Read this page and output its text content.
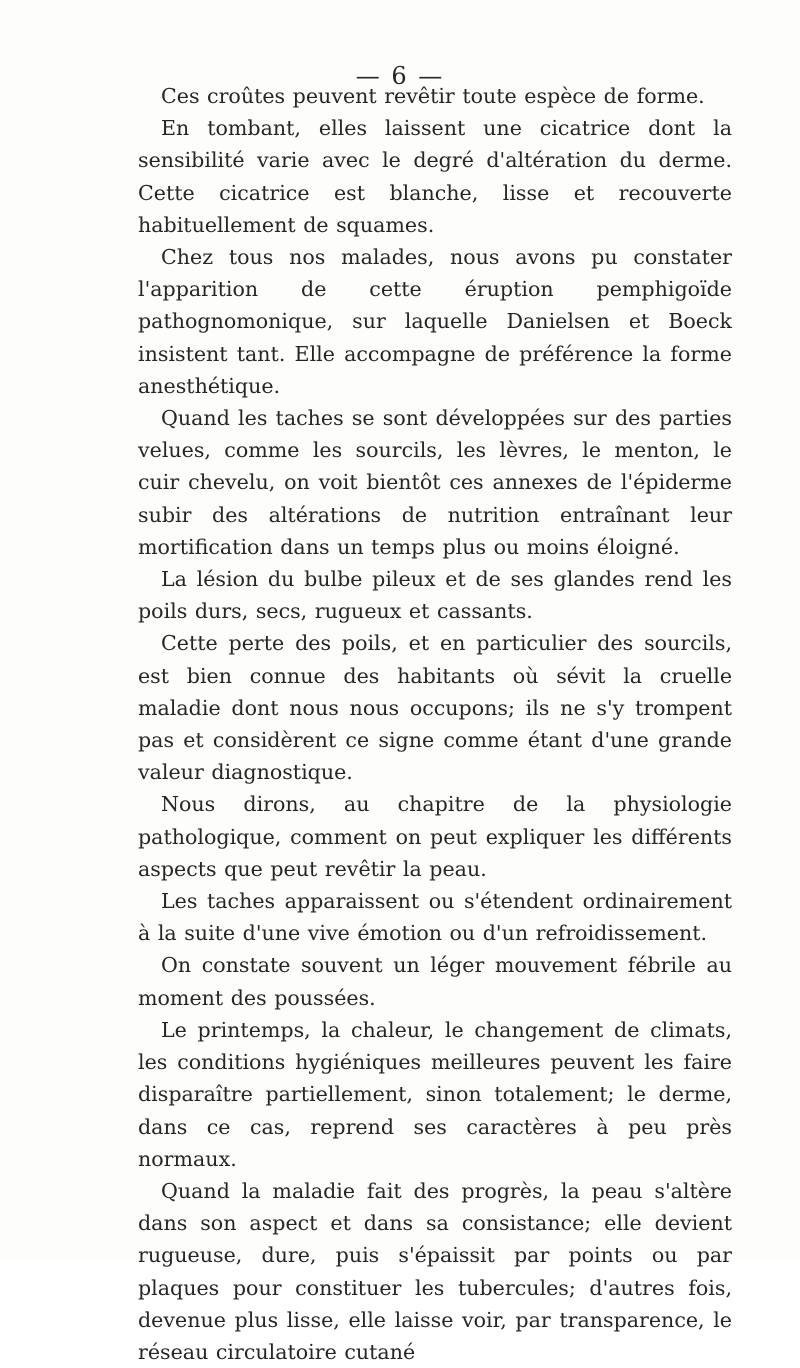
— 6 —

Ces croûtes peuvent revêtir toute espèce de forme.

En tombant, elles laissent une cicatrice dont la sensibilité varie avec le degré d'altération du derme. Cette cicatrice est blanche, lisse et recouverte habituellement de squames.

Chez tous nos malades, nous avons pu constater l'apparition de cette éruption pemphigoïde pathognomonique, sur laquelle Danielsen et Boeck insistent tant. Elle accompagne de préférence la forme anesthétique.

Quand les taches se sont développées sur des parties velues, comme les sourcils, les lèvres, le menton, le cuir chevelu, on voit bientôt ces annexes de l'épiderme subir des altérations de nutrition entraînant leur mortification dans un temps plus ou moins éloigné.

La lésion du bulbe pileux et de ses glandes rend les poils durs, secs, rugueux et cassants.

Cette perte des poils, et en particulier des sourcils, est bien connue des habitants où sévit la cruelle maladie dont nous nous occupons; ils ne s'y trompent pas et considèrent ce signe comme étant d'une grande valeur diagnostique.

Nous dirons, au chapitre de la physiologie pathologique, comment on peut expliquer les différents aspects que peut revêtir la peau.

Les taches apparaissent ou s'étendent ordinairement à la suite d'une vive émotion ou d'un refroidissement.

On constate souvent un léger mouvement fébrile au moment des poussées.

Le printemps, la chaleur, le changement de climats, les conditions hygiéniques meilleures peuvent les faire disparaître partiellement, sinon totalement; le derme, dans ce cas, reprend ses caractères à peu près normaux.

Quand la maladie fait des progrès, la peau s'altère dans son aspect et dans sa consistance; elle devient rugueuse, dure, puis s'épaissit par points ou par plaques pour constituer les tubercules; d'autres fois, devenue plus lisse, elle laisse voir, par transparence, le réseau circulatoire cutané
